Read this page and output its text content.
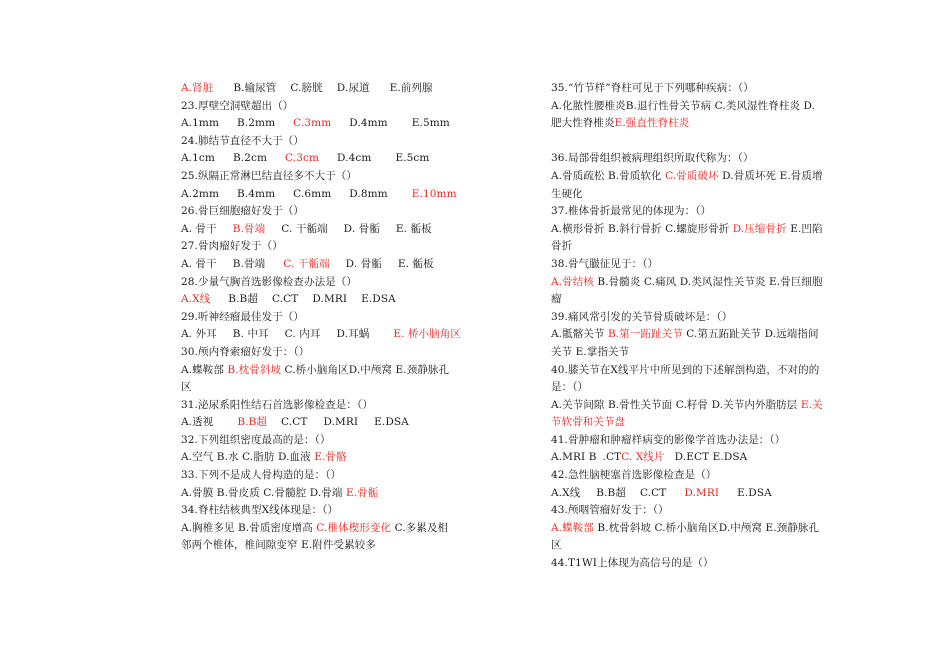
A.肾脏 B.输尿管 C.膀胱 D.尿道 E.前列腺
23.厚壁空洞壁超出（）
A.1mm B.2mm C.3mm D.4mm E.5mm
24.肺结节直径不大于（）
A.1cm B.2cm C.3cm D.4cm E.5cm
25.纵隔正常淋巴结直径多不大于（）
A.2mm B.4mm C.6mm D.8mm E.10mm
26.骨巨细胞瘤好发于（）
A. 骨干 B.骨端 C. 干骺端 D. 骨骺 E. 骺板
27.骨肉瘤好发于（）
A. 骨干 B.骨端 C. 干骺端 D. 骨骺 E. 骺板
28.少量气胸首选影像检查办法是（）
A.X线 B.B超 C.CT D.MRI E.DSA
29.听神经瘤最佳发于（）
A. 外耳 B. 中耳 C. 内耳 D.耳蜗 E. 桥小脑角区
30.颅内脊索瘤好发于：（）
A.蝶鞍部 B.枕骨斜坡 C.桥小脑角区D.中颅窝 E.颈静脉孔
区
31.泌尿系阳性结石首选影像检查是：（）
A.透视 B.B超 C.CT D.MRI E.DSA
32.下列组织密度最高的是：（）
A.空气 B.水 C.脂肪 D.血液 E.骨骼
33.下列不是成人骨构造的是：（）
A.骨膜 B.骨皮质 C.骨髓腔 D.骨端 E.骨骺
34.脊柱结核典型X线体现是：（）
A.胸椎多见 B.骨质密度增高 C.椎体楔形变化 C.多累及相
邻两个椎体，椎间隙变窄 E.附件受累较多
35.“竹节样”脊柱可见于下列哪种疾病：（）
A.化脓性腰椎炎B.退行性骨关节病 C.类风湿性脊柱炎 D.
肥大性脊椎炎E.强直性脊柱炎
36.局部骨组织被病理组织所取代称为：（）
A.骨质疏松 B.骨质软化 C.骨质破坏 D.骨质坏死 E.骨质增
生硬化
37.椎体骨折最常见的体现为：（）
A.横形骨折 B.斜行骨折 C.螺旋形骨折 D.压缩骨折 E.凹陷
骨折
38.骨气臌征见于：（）
A.骨结核 B.骨髓炎 C.痛风 D.类风湿性关节炎 E.骨巨细胞
瘤
39.痛风常引发的关节骨质破坏是：（）
A.骶髂关节 B.第一跖趾关节 C.第五跖趾关节 D.远端指间
关节 E.掌指关节
40.膝关节在X线平片中所见到的下述解剖构造，不对的的
是：（）
A.关节间隙 B.骨性关节面 C.籽骨 D.关节内外脂肪层 E.关
节软骨和关节盘
41.骨肿瘤和肿瘤样病变的影像学首选办法是：（）
A.MRI B .CTC. X线片 D.ECT E.DSA
42.急性脑梗塞首选影像检查是（）
A.X线 B.B超 C.CT D.MRI E.DSA
43.颅咽管瘤好发于：（）
A.蝶鞍部 B.枕骨斜坡 C.桥小脑角区D.中颅窝 E.颈静脉孔
区
44.T1WI上体现为高信号的是（）
